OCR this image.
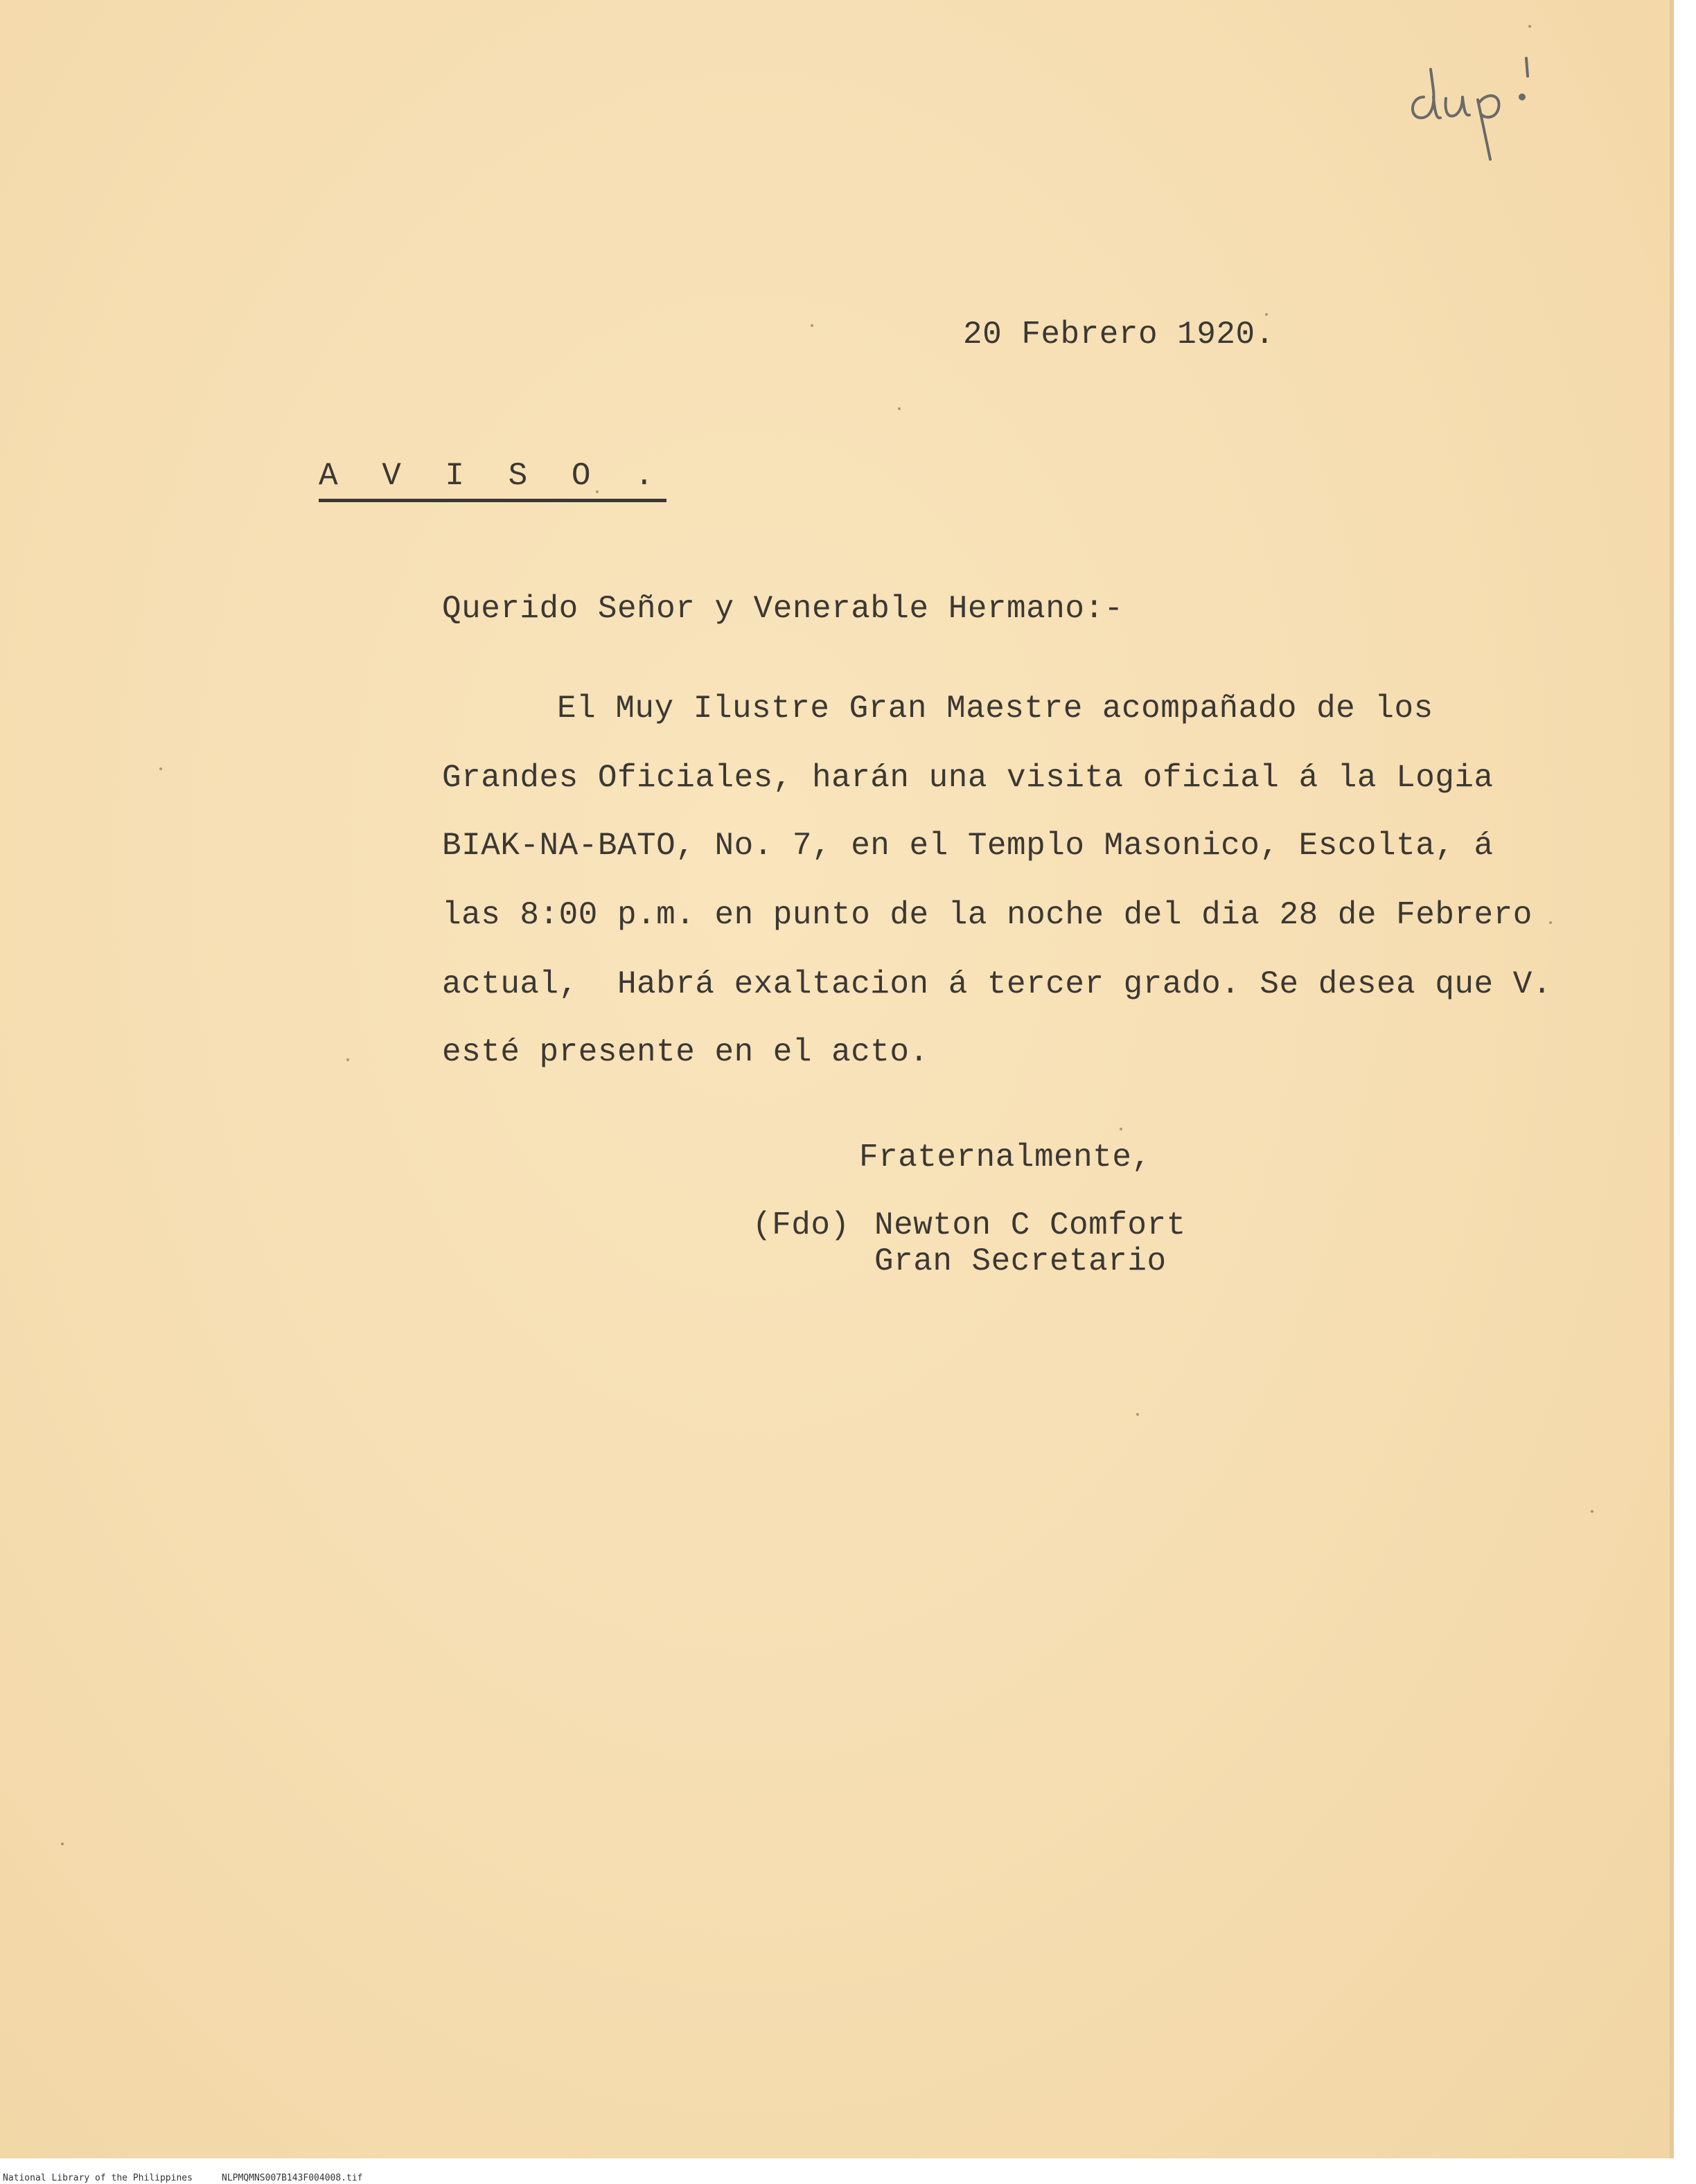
20 Febrero 1920.
A V I S O .
Querido Señor y Venerable Hermano:-
El Muy Ilustre Gran Maestre acompañado de los
Grandes Oficiales, harán una visita oficial á la Logia
BIAK-NA-BATO, No. 7, en el Templo Masonico, Escolta, á
las 8:00 p.m. en punto de la noche del dia 28 de Febrero
actual,  Habrá exaltacion á tercer grado. Se desea que V.
esté presente en el acto.
Fraternalmente,
(Fdo) Newton C Comfort
Gran Secretario
National Library of the Philippines	NLPMQMNS007B143F004008.tif
